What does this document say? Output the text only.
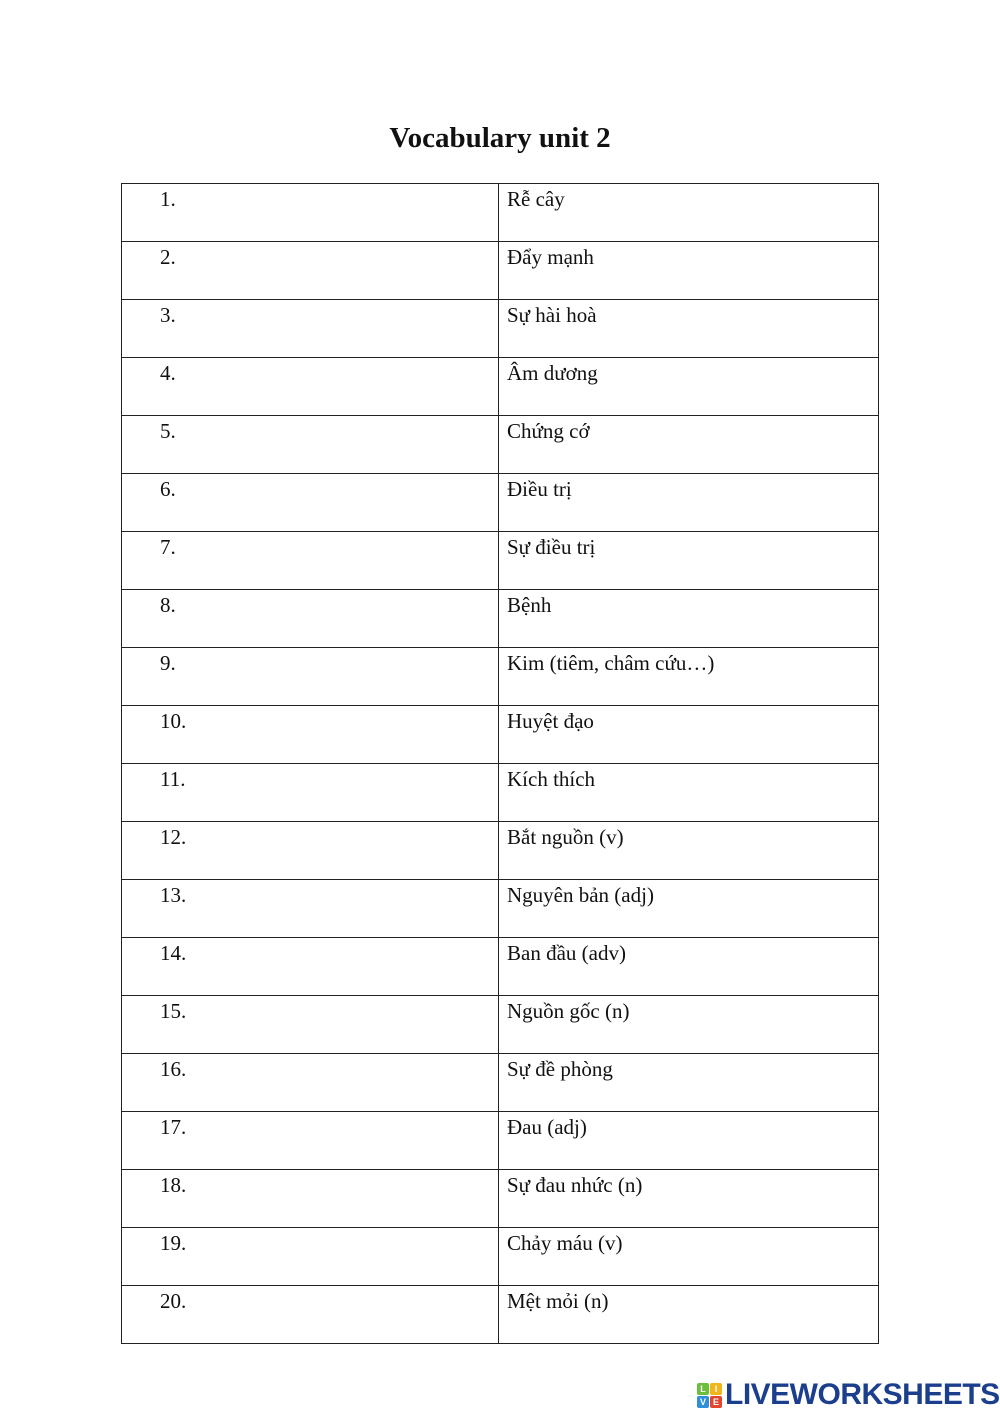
Vocabulary unit 2
1.	Rễ cây
2.	Đẩy mạnh
3.	Sự hài hoà
4.	Âm dương
5.	Chứng cớ
6.	Điều trị
7.	Sự điều trị
8.	Bệnh
9.	Kim (tiêm, châm cứu…)
10.	Huyệt đạo
11.	Kích thích
12.	Bắt nguồn (v)
13.	Nguyên bản (adj)
14.	Ban đầu (adv)
15.	Nguồn gốc (n)
16.	Sự đề phòng
17.	Đau (adj)
18.	Sự đau nhức (n)
19.	Chảy máu (v)
20.	Mệt mỏi (n)
L I
V E LIVEWORKSHEETS
